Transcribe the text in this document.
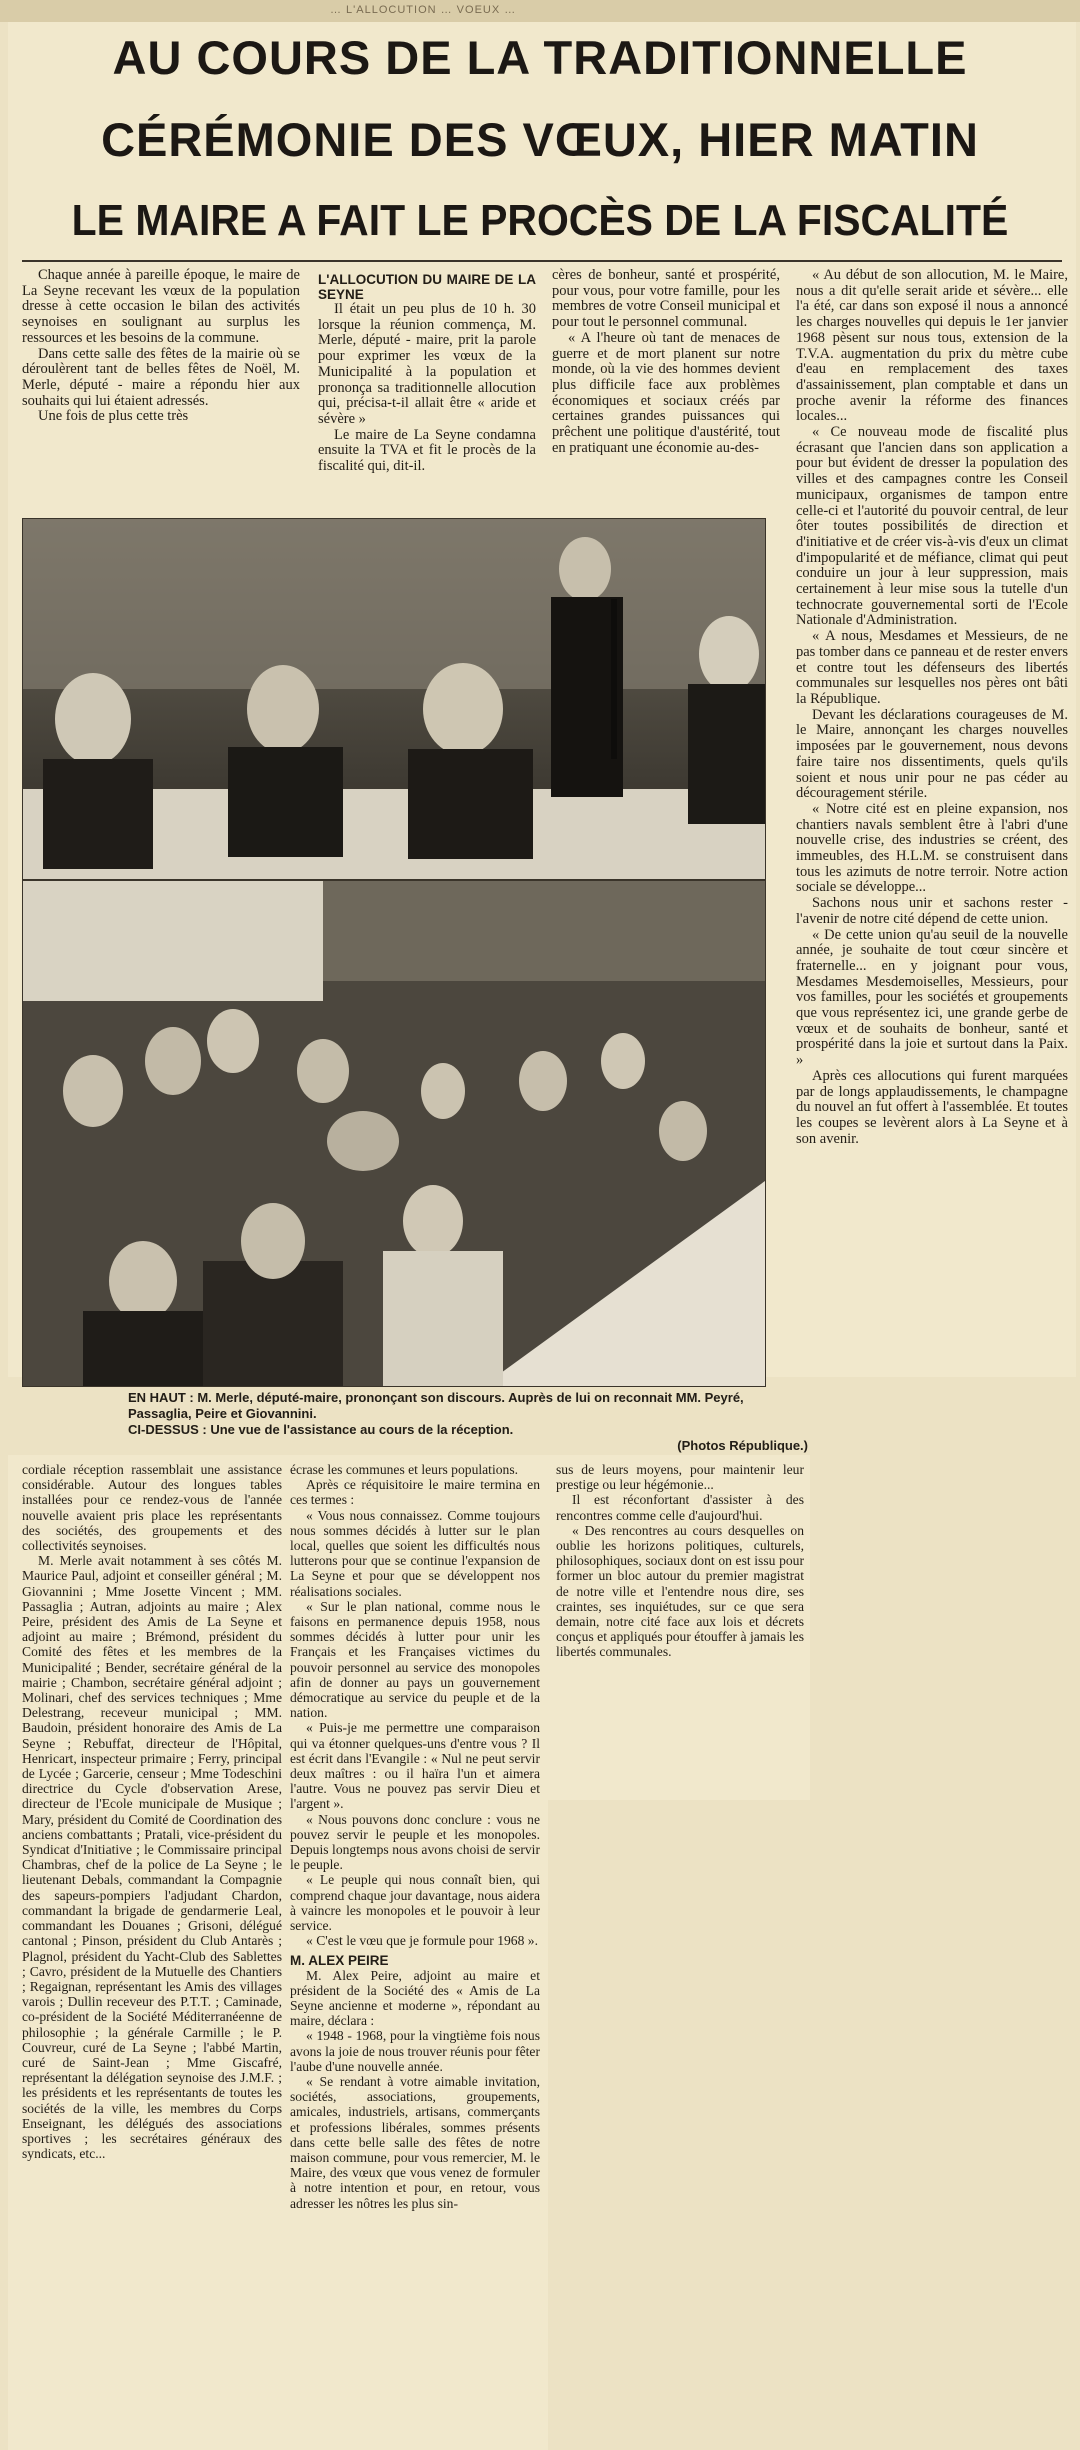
… L'ALLOCUTION … VOEUX …
AU COURS DE LA TRADITIONNELLE
CÉRÉMONIE DES VŒUX, HIER MATIN
LE MAIRE A FAIT LE PROCÈS DE LA FISCALITÉ

Chaque année à pareille époque, le maire de La Seyne recevant les vœux de la population dresse à cette occasion le bilan des activités seynoises en soulignant au surplus les ressources et les besoins de la commune.

Dans cette salle des fêtes de la mairie où se déroulèrent tant de belles fêtes de Noël, M. Merle, député - maire a répondu hier aux souhaits qui lui étaient adressés.

Une fois de plus cette très

L'ALLOCUTION DU MAIRE DE LA SEYNE

Il était un peu plus de 10 h. 30 lorsque la réunion commença, M. Merle, député - maire, prit la parole pour exprimer les vœux de la Municipalité à la population et prononça sa traditionnelle allocution qui, précisa-t-il allait être « aride et sévère »

Le maire de La Seyne condamna ensuite la TVA et fit le procès de la fiscalité qui, dit-il.

cères de bonheur, santé et prospérité, pour vous, pour votre famille, pour les membres de votre Conseil municipal et pour tout le personnel communal.

« A l'heure où tant de menaces de guerre et de mort planent sur notre monde, où la vie des hommes devient plus difficile face aux problèmes économiques et sociaux créés par certaines grandes puissances qui prêchent une politique d'austérité, tout en pratiquant une économie au-des-

« Au début de son allocution, M. le Maire, nous a dit qu'elle serait aride et sévère... elle l'a été, car dans son exposé il nous a annoncé les charges nouvelles qui depuis le 1er janvier 1968 pèsent sur nous tous, extension de la T.V.A. augmentation du prix du mètre cube d'eau en remplacement des taxes d'assainissement, plan comptable et dans un proche avenir la réforme des finances locales...

« Ce nouveau mode de fiscalité plus écrasant que l'ancien dans son application a pour but évident de dresser la population des villes et des campagnes contre les Conseil municipaux, organismes de tampon entre celle-ci et l'autorité du pouvoir central, de leur ôter toutes possibilités de direction et d'initiative et de créer vis-à-vis d'eux un climat d'impopularité et de méfiance, climat qui peut conduire un jour à leur suppression, mais certainement à leur mise sous la tutelle d'un technocrate gouvernemental sorti de l'Ecole Nationale d'Administration.

« A nous, Mesdames et Messieurs, de ne pas tomber dans ce panneau et de rester envers et contre tout les défenseurs des libertés communales sur lesquelles nos pères ont bâti la République.

Devant les déclarations courageuses de M. le Maire, annonçant les charges nouvelles imposées par le gouvernement, nous devons faire taire nos dissentiments, quels qu'ils soient et nous unir pour ne pas céder au découragement stérile.

« Notre cité est en pleine expansion, nos chantiers navals semblent être à l'abri d'une nouvelle crise, des industries se créent, des immeubles, des H.L.M. se construisent dans tous les azimuts de notre terroir. Notre action sociale se développe...

Sachons nous unir et sachons rester - l'avenir de notre cité dépend de cette union.

« De cette union qu'au seuil de la nouvelle année, je souhaite de tout cœur sincère et fraternelle... en y joignant pour vous, Mesdames Mesdemoiselles, Messieurs, pour vos familles, pour les sociétés et groupements que vous représentez ici, une grande gerbe de vœux et de souhaits de bonheur, santé et prospérité dans la joie et surtout dans la Paix. »

Après ces allocutions qui furent marquées par de longs applaudissements, le champagne du nouvel an fut offert à l'assemblée. Et toutes les coupes se levèrent alors à La Seyne et à son avenir.

EN HAUT : M. Merle, député-maire, prononçant son discours. Auprès de lui on reconnait MM. Peyré, Passaglia, Peire et Giovannini.

CI-DESSUS : Une vue de l'assistance au cours de la réception.

(Photos République.)

cordiale réception rassemblait une assistance considérable. Autour des longues tables installées pour ce rendez-vous de l'année nouvelle avaient pris place les représentants des sociétés, des groupements et des collectivités seynoises.

M. Merle avait notamment à ses côtés M. Maurice Paul, adjoint et conseiller général ; M. Giovannini ; Mme Josette Vincent ; MM. Passaglia ; Autran, adjoints au maire ; Alex Peire, président des Amis de La Seyne et adjoint au maire ; Brémond, président du Comité des fêtes et les membres de la Municipalité ; Bender, secrétaire général de la mairie ; Chambon, secrétaire général adjoint ; Molinari, chef des services techniques ; Mme Delestrang, receveur municipal ; MM. Baudoin, président honoraire des Amis de La Seyne ; Rebuffat, directeur de l'Hôpital, Henricart, inspecteur primaire ; Ferry, principal de Lycée ; Garcerie, censeur ; Mme Todeschini directrice du Cycle d'observation Arese, directeur de l'Ecole municipale de Musique ; Mary, président du Comité de Coordination des anciens combattants ; Pratali, vice-président du Syndicat d'Initiative ; le Commissaire principal Chambras, chef de la police de La Seyne ; le lieutenant Debals, commandant la Compagnie des sapeurs-pompiers l'adjudant Chardon, commandant la brigade de gendarmerie Leal, commandant les Douanes ; Grisoni, délégué cantonal ; Pinson, président du Club Antarès ; Plagnol, président du Yacht-Club des Sablettes ; Cavro, président de la Mutuelle des Chantiers ; Regaignan, représentant les Amis des villages varois ; Dullin receveur des P.T.T. ; Caminade, co-président de la Société Méditerranéenne de philosophie ; la générale Carmille ; le P. Couvreur, curé de La Seyne ; l'abbé Martin, curé de Saint-Jean ; Mme Giscafré, représentant la délégation seynoise des J.M.F. ; les présidents et les représentants de toutes les sociétés de la ville, les membres du Corps Enseignant, les délégués des associations sportives ; les secrétaires généraux des syndicats, etc...

écrase les communes et leurs populations.

Après ce réquisitoire le maire termina en ces termes :

« Vous nous connaissez. Comme toujours nous sommes décidés à lutter sur le plan local, quelles que soient les difficultés nous lutterons pour que se continue l'expansion de La Seyne et pour que se développent nos réalisations sociales.

« Sur le plan national, comme nous le faisons en permanence depuis 1958, nous sommes décidés à lutter pour unir les Français et les Françaises victimes du pouvoir personnel au service des monopoles afin de donner au pays un gouvernement démocratique au service du peuple et de la nation.

« Puis-je me permettre une comparaison qui va étonner quelques-uns d'entre vous ? Il est écrit dans l'Evangile : « Nul ne peut servir deux maîtres : ou il haïra l'un et aimera l'autre. Vous ne pouvez pas servir Dieu et l'argent ».

« Nous pouvons donc conclure : vous ne pouvez servir le peuple et les monopoles. Depuis longtemps nous avons choisi de servir le peuple.

« Le peuple qui nous connaît bien, qui comprend chaque jour davantage, nous aidera à vaincre les monopoles et le pouvoir à leur service.

« C'est le vœu que je formule pour 1968 ».

M. ALEX PEIRE

M. Alex Peire, adjoint au maire et président de la Société des « Amis de La Seyne ancienne et moderne », répondant au maire, déclara :

« 1948 - 1968, pour la vingtième fois nous avons la joie de nous trouver réunis pour fêter l'aube d'une nouvelle année.

« Se rendant à votre aimable invitation, sociétés, associations, groupements, amicales, industriels, artisans, commerçants et professions libérales, sommes présents dans cette belle salle des fêtes de notre maison commune, pour vous remercier, M. le Maire, des vœux que vous venez de formuler à notre intention et pour, en retour, vous adresser les nôtres les plus sin-

sus de leurs moyens, pour maintenir leur prestige ou leur hégémonie...

Il est réconfortant d'assister à des rencontres comme celle d'aujourd'hui.

« Des rencontres au cours desquelles on oublie les horizons politiques, culturels, philosophiques, sociaux dont on est issu pour former un bloc autour du premier magistrat de notre ville et l'entendre nous dire, ses craintes, ses inquiétudes, sur ce que sera demain, notre cité face aux lois et décrets conçus et appliqués pour étouffer à jamais les libertés communales.
